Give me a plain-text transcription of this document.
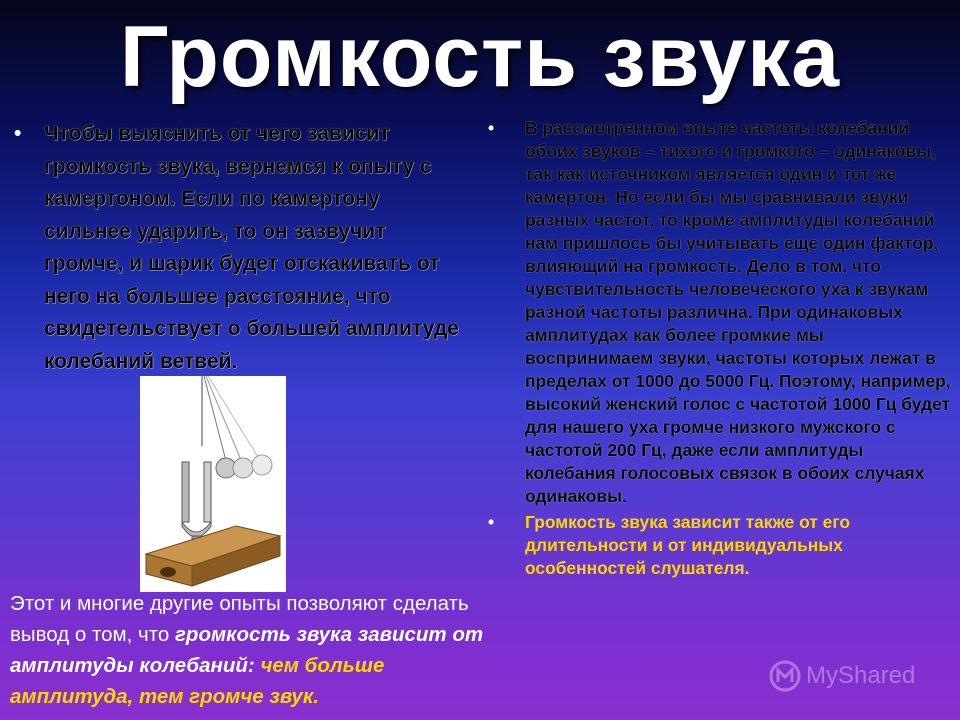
Громкость звука
• Чтобы выяснить от чего зависит громкость звука, вернемся к опыту с камертоном. Если по камертону сильнее ударить, то он зазвучит громче, и шарик будет отскакивать от него на большее расстояние, что свидетельствует о большей амплитуде колебаний ветвей.
Этот и многие другие опыты позволяют сделать вывод о том, что громкость звука зависит от амплитуды колебаний: чем больше амплитуда, тем громче звук.
• В рассмотренном опыте частоты колебаний обоих звуков – тихого и громкого – одинаковы, так как источником является один и тот же камертон. Но если бы мы сравнивали звуки разных частот, то кроме амплитуды колебаний нам пришлось бы учитывать еще один фактор, влияющий на громкость. Дело в том, что чувствительность человеческого уха к звукам разной частоты различна. При одинаковых амплитудах как более громкие мы воспринимаем звуки, частоты которых лежат в пределах от 1000 до 5000 Гц. Поэтому, например, высокий женский голос с частотой 1000 Гц будет для нашего уха громче низкого мужского с частотой 200 Гц, даже если амплитуды колебания голосовых связок в обоих случаях одинаковы.
• Громкость звука зависит также от его длительности и от индивидуальных особенностей слушателя.
MyShared
